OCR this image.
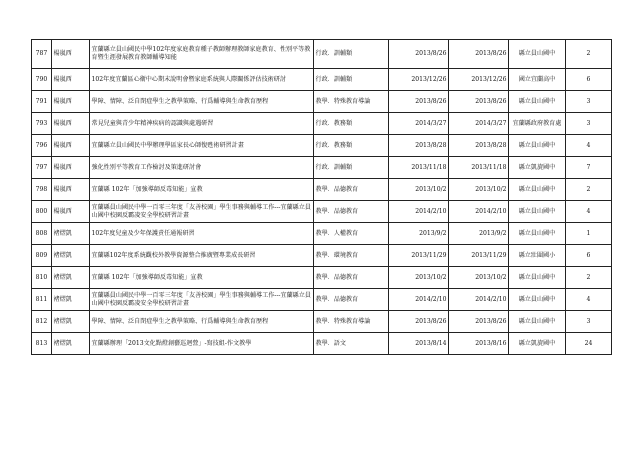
787	楊嵐西	宜蘭縣立員山國民中學102年度家庭教育種子教師辦理教師家庭教育、性別平等教育暨生涯發展教育教師輔導知能	行政．訓輔類	2013/8/26	2013/8/26	縣立員山國中	2
790	楊嵐西	102年度宜蘭區心衛中心期末說明會暨家庭系統與人際關係評估技術研討	行政．訓輔類	2013/12/26	2013/12/26	國立宜蘭高中	6
791	楊嵐西	學障、情障、泛自閉症學生之教學策略、行爲輔導與生命教育歷程	教學．特殊教育導論	2013/8/26	2013/8/26	縣立員山國中	3
793	楊嵐西	常見兒童與青少年精神疾病的認識與處遇研習	行政．教務類	2014/3/27	2014/3/27	宜蘭縣政府教育處	3
796	楊嵐西	宜蘭縣立員山國民中學辦理學區家長心師復甦術研習計畫	行政．教務類	2013/8/28	2013/8/28	縣立員山國中	4
797	楊嵐西	強化性別平等教育工作檢討及策進研討會	行政．訓輔類	2013/11/18	2013/11/18	縣立凱旋國中	7
798	楊嵐西	宜蘭縣 102年「加強導師反毒知能」宣教	教學．品德教育	2013/10/2	2013/10/2	縣立員山國中	2
800	楊嵐西	宜蘭縣員山國民中學一百零三年度「友善校園」學生事務與輔導工作---宜蘭縣立員山國中校園反霸凌安全學校研習計畫	教學．品德教育	2014/2/10	2014/2/10	縣立員山國中	4
808	褚熤凱	102年度兒童及少年保護責任通報研習	教學．人權教育	2013/9/2	2013/9/2	縣立員山國中	1
809	褚熤凱	宜蘭縣102年度系統觀校外教學資源整合推廣暨專業成長研習	教學．環境教育	2013/11/29	2013/11/29	縣立壯圍國小	6
810	褚熤凱	宜蘭縣 102年「加強導師反毒知能」宣教	教學．品德教育	2013/10/2	2013/10/2	縣立員山國中	2
811	褚熤凱	宜蘭縣員山國民中學一百零三年度「友善校園」學生事務與輔導工作---宜蘭縣立員山國中校園反霸凌安全學校研習計畫	教學．品德教育	2014/2/10	2014/2/10	縣立員山國中	4
812	褚熤凱	學障、情障、泛自閉症學生之教學策略、行爲輔導與生命教育歷程	教學．特殊教育導論	2013/8/26	2013/8/26	縣立員山國中	3
813	褚熤凱	宜蘭縣辦理「2013文化點燈創藝巡迴營」-寫技組-作文教學	教學．語文	2013/8/14	2013/8/16	縣立凱旋國中	24
